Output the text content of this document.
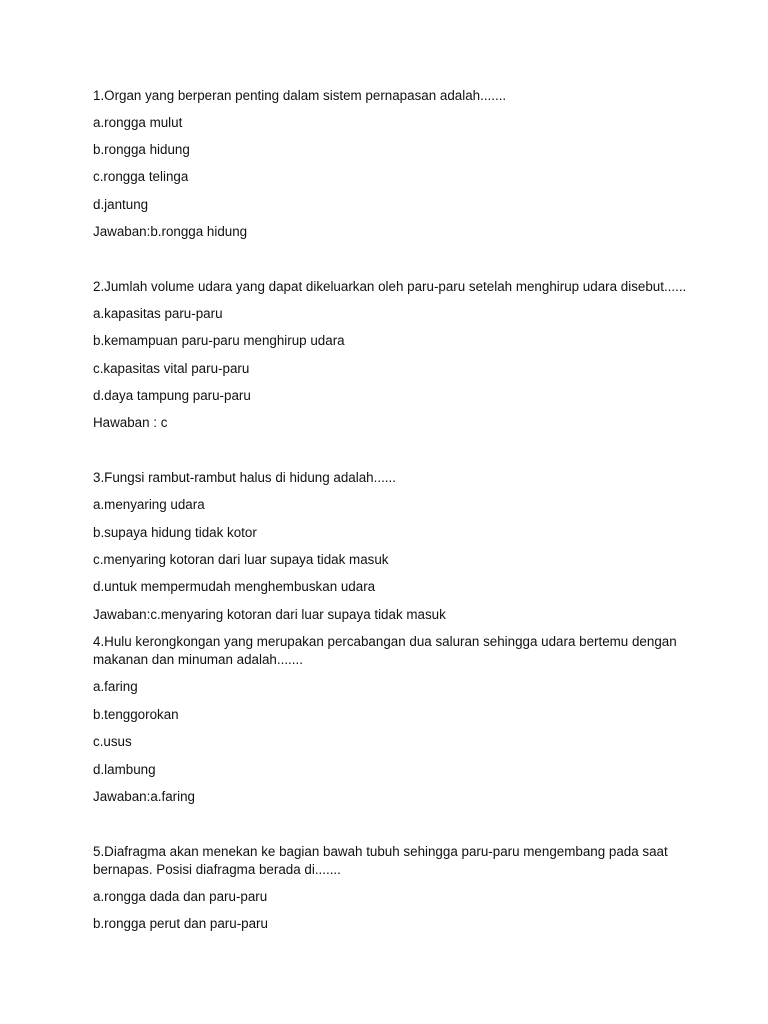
1.Organ yang berperan penting dalam sistem pernapasan adalah.......
a.rongga mulut
b.rongga hidung
c.rongga telinga
d.jantung
Jawaban:b.rongga hidung
2.Jumlah volume udara yang dapat dikeluarkan oleh paru-paru setelah menghirup udara disebut......
a.kapasitas paru-paru
b.kemampuan paru-paru menghirup udara
c.kapasitas vital paru-paru
d.daya tampung paru-paru
Hawaban : c
3.Fungsi rambut-rambut halus di hidung adalah......
a.menyaring udara
b.supaya hidung tidak kotor
c.menyaring kotoran dari luar supaya tidak masuk
d.untuk mempermudah menghembuskan udara
Jawaban:c.menyaring kotoran dari luar supaya tidak masuk
4.Hulu kerongkongan yang merupakan percabangan dua saluran sehingga udara bertemu dengan makanan dan minuman adalah.......
a.faring
b.tenggorokan
c.usus
d.lambung
Jawaban:a.faring
5.Diafragma akan menekan ke bagian bawah tubuh sehingga paru-paru mengembang pada saat bernapas. Posisi diafragma berada di.......
a.rongga dada dan paru-paru
b.rongga perut dan paru-paru
